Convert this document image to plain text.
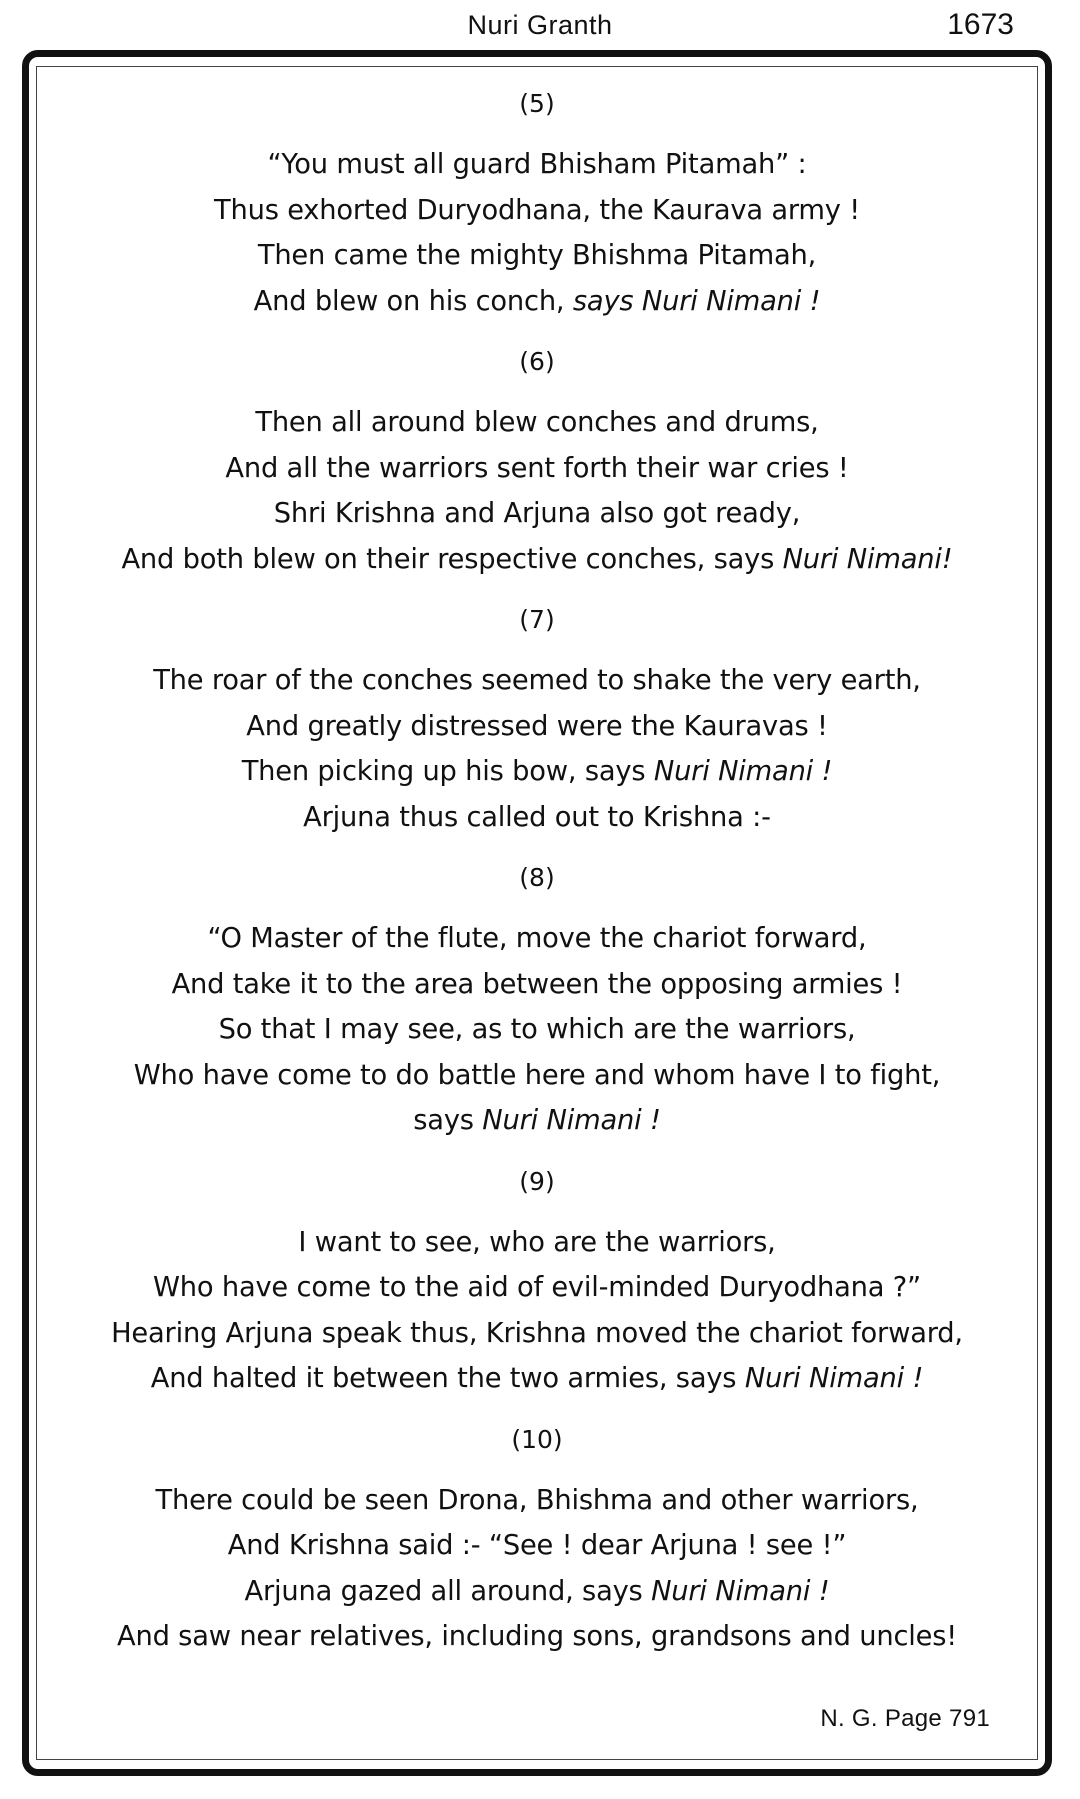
Nuri Granth	1673
(5)
“You must all guard Bhisham Pitamah” :
Thus exhorted Duryodhana, the Kaurava army !
Then came the mighty Bhishma Pitamah,
And blew on his conch, says Nuri Nimani !
(6)
Then all around blew conches and drums,
And all the warriors sent forth their war cries !
Shri Krishna and Arjuna also got ready,
And both blew on their respective conches, says Nuri Nimani!
(7)
The roar of the conches seemed to shake the very earth,
And greatly distressed were the Kauravas !
Then picking up his bow, says Nuri Nimani !
Arjuna thus called out to Krishna :-
(8)
“O Master of the flute, move the chariot forward,
And take it to the area between the opposing armies !
So that I may see, as to which are the warriors,
Who have come to do battle here and whom have I to fight,
says Nuri Nimani !
(9)
I want to see, who are the warriors,
Who have come to the aid of evil-minded Duryodhana ?”
Hearing Arjuna speak thus, Krishna moved the chariot forward,
And halted it between the two armies, says Nuri Nimani !
(10)
There could be seen Drona, Bhishma and other warriors,
And Krishna said :- “See ! dear Arjuna ! see !”
Arjuna gazed all around, says Nuri Nimani !
And saw near relatives, including sons, grandsons and uncles!
N. G. Page 791
